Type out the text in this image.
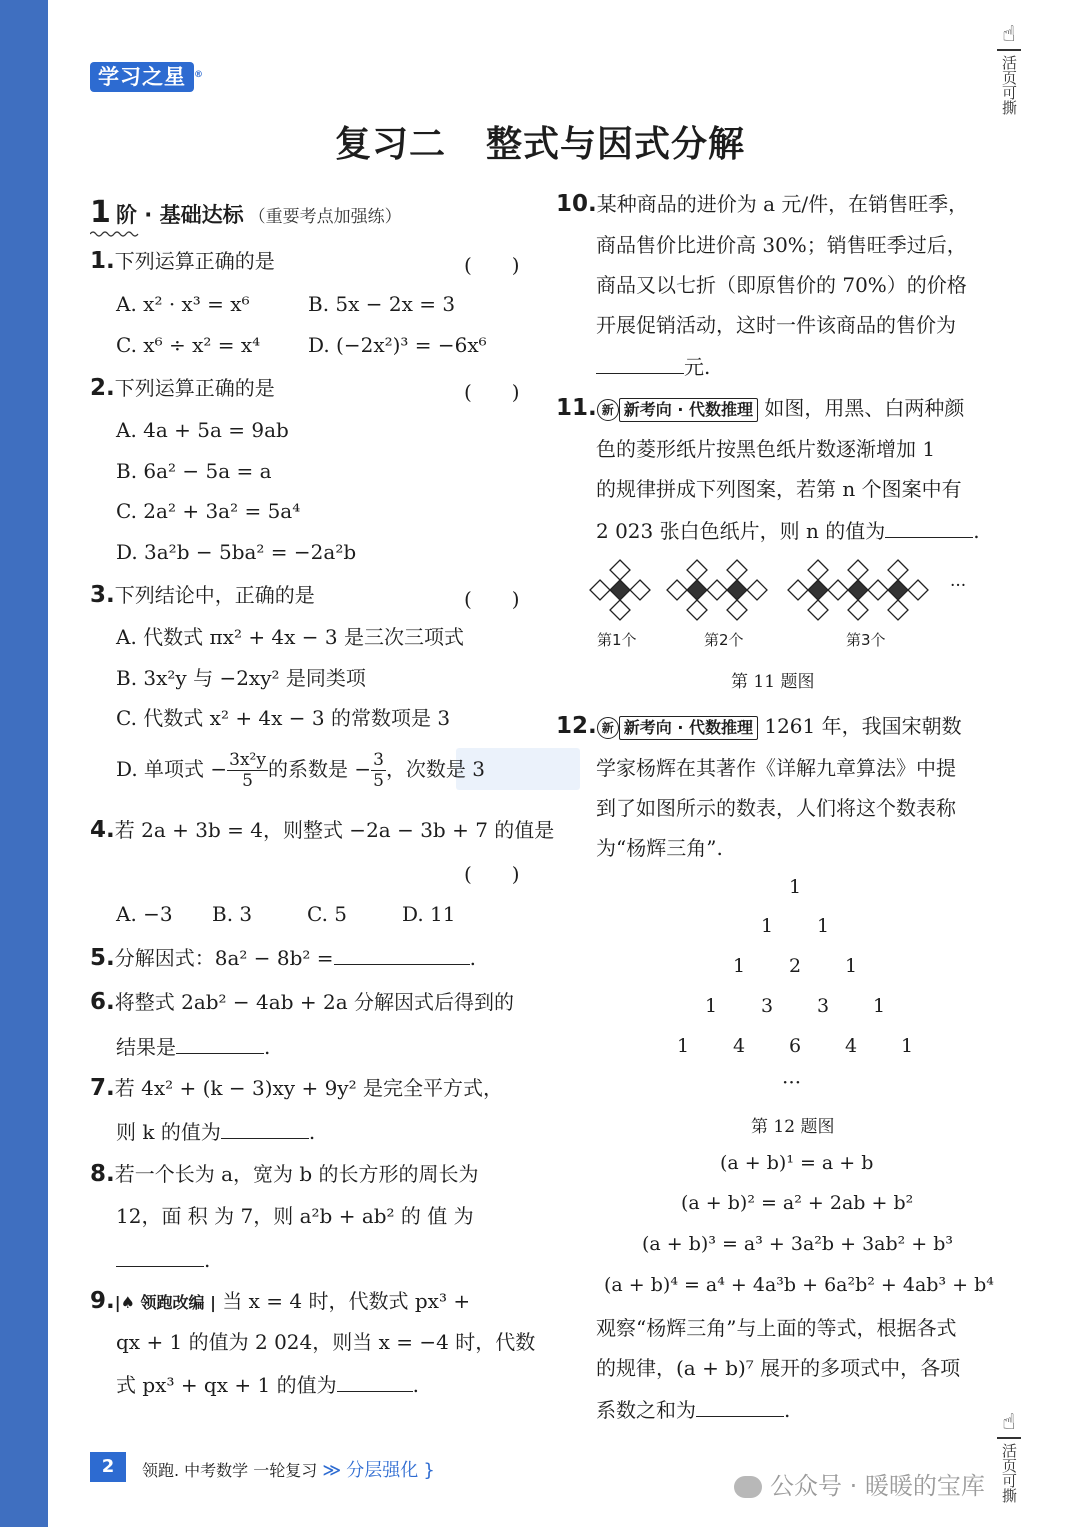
学习之星 ®
☝
活页可撕
☝
活页可撕
复习二 整式与因式分解
1 阶 · 基础达标 （重要考点加强练）
1.下列运算正确的是	(　　)
A. x² · x³ = x⁶	B. 5x − 2x = 3
C. x⁶ ÷ x² = x⁴ D. (−2x²)³ = −6x⁶
2.下列运算正确的是	(　　)
A. 4a + 5a = 9ab
B. 6a² − 5a = a
C. 2a² + 3a² = 5a⁴
D. 3a²b − 5ba² = −2a²b
3.下列结论中，正确的是	(　　)
A. 代数式 πx² + 4x − 3 是三次三项式
B. 3x²y 与 −2xy² 是同类项
C. 代数式 x² + 4x − 3 的常数项是 3
D. 单项式 − $\frac{\text{3x²y}}{5}$ 的系数是 − $\frac{3}{5}$ ，次数是 3
4.若 2a + 3b = 4，则整式 −2a − 3b + 7 的值是
(　　)
A. −3 B. 3	C. 5	D. 11
5.分解因式：8a² − 8b² =	.
6.将整式 2ab² − 4ab + 2a 分解因式后得到的
结果是	.
7.若 4x² + (k − 3)xy + 9y² 是完全平方式，
则 k 的值为	.
8.若一个长为 a，宽为 b 的长方形的周长为
12，面 积 为 7，则 a²b + ab² 的 值 为
.
9.|♠ 领跑改编 | 当 x = 4 时，代数式 px³ +
qx + 1 的值为 2 024，则当 x = −4 时，代数
式 px³ + qx + 1 的值为	.
10.某种商品的进价为 a 元/件，在销售旺季，
商品售价比进价高 30%；销售旺季过后，
商品又以七折（即原售价的 70%）的价格
开展促销活动，这时一件该商品的售价为
元.
11. 新 新考向 · 代数推理 如图，用黑、白两种颜
色的菱形纸片按黑色纸片数逐渐增加 1
的规律拼成下列图案，若第 n 个图案中有
2 023 张白色纸片，则 n 的值为	.
···
第1个	第2个	第3个
第 11 题图
12. 新 新考向 · 代数推理 1261 年，我国宋朝数
学家杨辉在其著作《详解九章算法》中提
到了如图所示的数表，人们将这个数表称
为“杨辉三角”.
1
1 1
1 2 1
1 3 3 1
1 4 6 4 1
···
第 12 题图
(a + b)¹ = a + b
(a + b)² = a² + 2ab + b²
(a + b)³ = a³ + 3a²b + 3ab² + b³
(a + b)⁴ = a⁴ + 4a³b + 6a²b² + 4ab³ + b⁴
观察“杨辉三角”与上面的等式，根据各式
的规律，(a + b)⁷ 展开的多项式中，各项
系数之和为	.
2	领跑. 中考数学 一轮复习 ≫ 分层强化 }
公众号 · 暖暖的宝库
